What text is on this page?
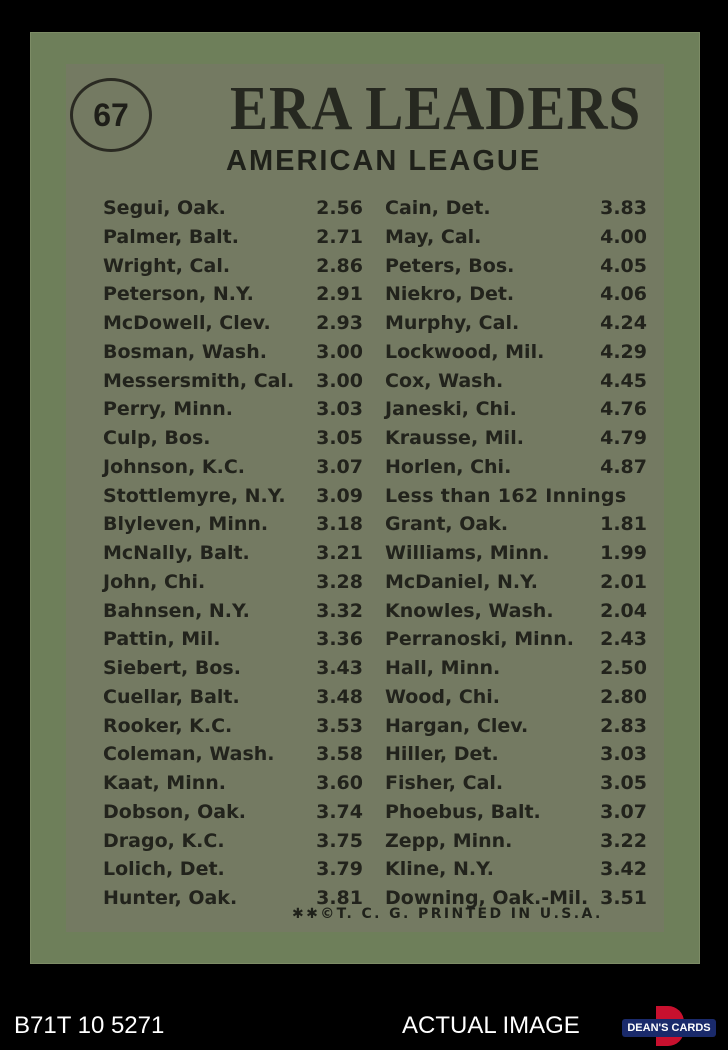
67 ERA LEADERS
AMERICAN LEAGUE
Segui, Oak.	2.56
Palmer, Balt.	2.71
Wright, Cal.	2.86
Peterson, N.Y.	2.91
McDowell, Clev. 2.93
Bosman, Wash.	3.00
Messersmith, Cal. 3.00
Perry, Minn.	3.03
Culp, Bos.	3.05
Johnson, K.C.	3.07
Stottlemyre, N.Y. 3.09
Blyleven, Minn.	3.18
McNally, Balt.	3.21
John, Chi.	3.28
Bahnsen, N.Y.	3.32
Pattin, Mil.	3.36
Siebert, Bos.	3.43
Cuellar, Balt.	3.48
Rooker, K.C.	3.53
Coleman, Wash. 3.58
Kaat, Minn.	3.60
Dobson, Oak.	3.74
Drago, K.C.	3.75
Lolich, Det.	3.79
Hunter, Oak.	3.81
Cain, Det.	3.83
May, Cal.	4.00
Peters, Bos.	4.05
Niekro, Det.	4.06
Murphy, Cal.	4.24
Lockwood, Mil.	4.29
Cox, Wash.	4.45
Janeski, Chi.	4.76
Krausse, Mil.	4.79
Horlen, Chi.	4.87
Less than 162 Innings
Grant, Oak.	1.81
Williams, Minn.	1.99
McDaniel, N.Y.	2.01
Knowles, Wash. 2.04
Perranoski, Minn. 2.43
Hall, Minn.	2.50
Wood, Chi.	2.80
Hargan, Clev.	2.83
Hiller, Det.	3.03
Fisher, Cal.	3.05
Phoebus, Balt.	3.07
Zepp, Minn.	3.22
Kline, N.Y.	3.42
Downing, Oak.-Mil. 3.51
✱✱©T. C. G. PRINTED IN U.S.A.
B71T 10 5271	ACTUAL IMAGE	DEAN'S CARDS
